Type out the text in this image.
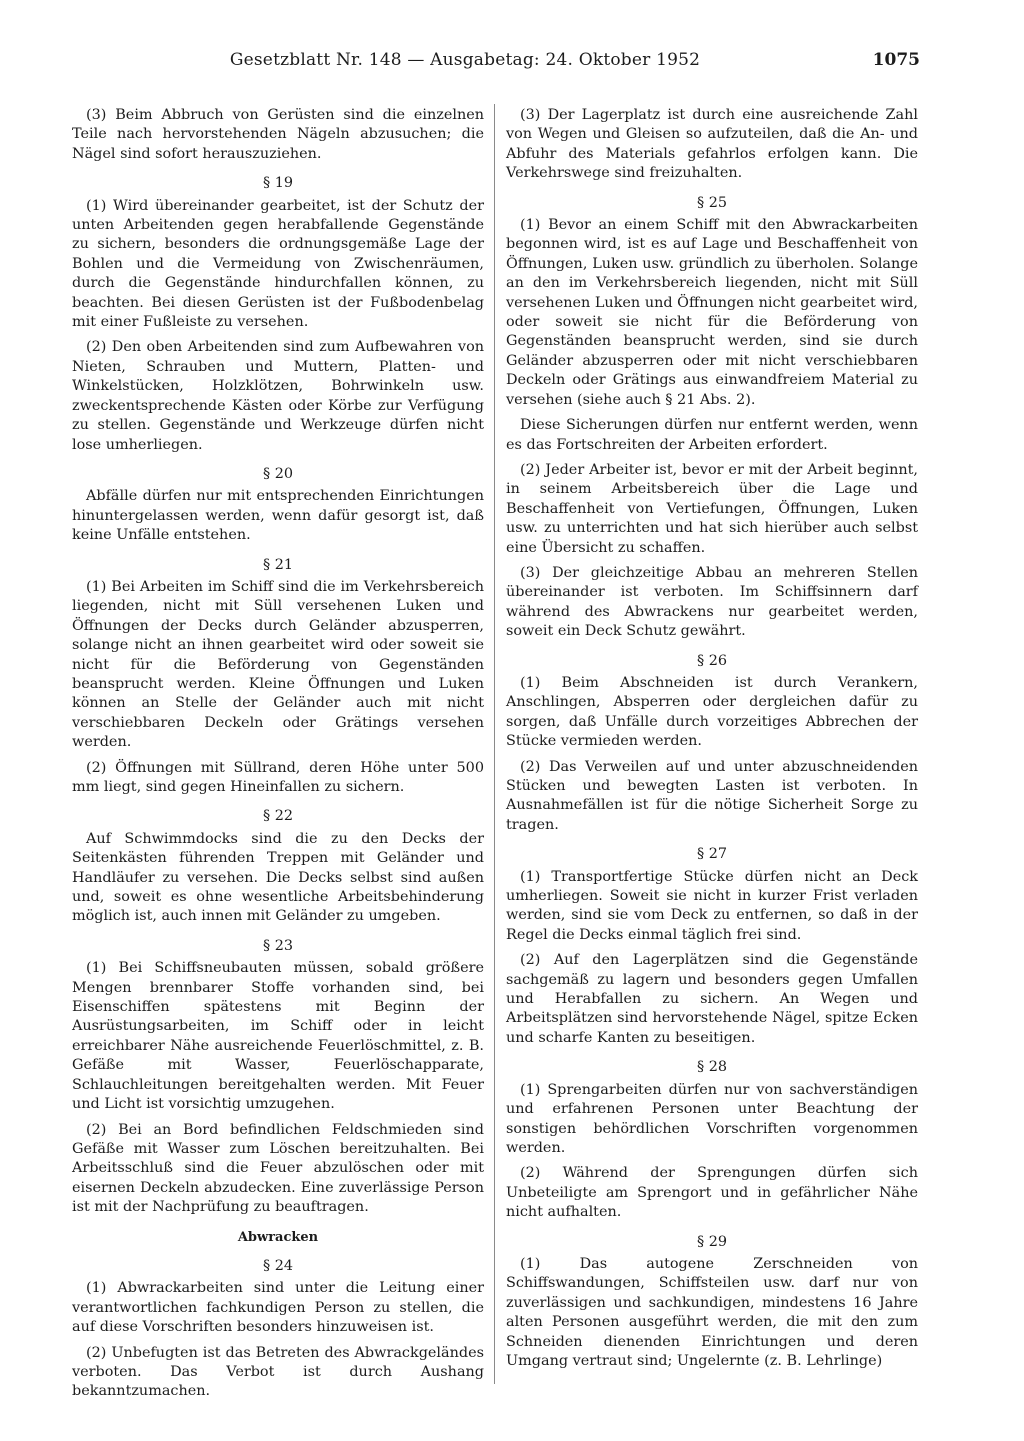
Gesetzblatt Nr. 148 — Ausgabetag: 24. Oktober 1952	1075

(3) Beim Abbruch von Gerüsten sind die einzelnen Teile nach hervorstehenden Nägeln abzusuchen; die Nägel sind sofort herauszuziehen.

§ 19

(1) Wird übereinander gearbeitet, ist der Schutz der unten Arbeitenden gegen herabfallende Gegenstände zu sichern, besonders die ordnungsgemäße Lage der Bohlen und die Vermeidung von Zwischenräumen, durch die Gegenstände hindurchfallen können, zu beachten. Bei diesen Gerüsten ist der Fußbodenbelag mit einer Fußleiste zu versehen.

(2) Den oben Arbeitenden sind zum Aufbewahren von Nieten, Schrauben und Muttern, Platten- und Winkelstücken, Holzklötzen, Bohrwinkeln usw. zweckentsprechende Kästen oder Körbe zur Verfügung zu stellen. Gegenstände und Werkzeuge dürfen nicht lose umherliegen.

§ 20

Abfälle dürfen nur mit entsprechenden Einrichtungen hinuntergelassen werden, wenn dafür gesorgt ist, daß keine Unfälle entstehen.

§ 21

(1) Bei Arbeiten im Schiff sind die im Verkehrsbereich liegenden, nicht mit Süll versehenen Luken und Öffnungen der Decks durch Geländer abzusperren, solange nicht an ihnen gearbeitet wird oder soweit sie nicht für die Beförderung von Gegenständen beansprucht werden. Kleine Öffnungen und Luken können an Stelle der Geländer auch mit nicht verschiebbaren Deckeln oder Grätings versehen werden.

(2) Öffnungen mit Süllrand, deren Höhe unter 500 mm liegt, sind gegen Hineinfallen zu sichern.

§ 22

Auf Schwimmdocks sind die zu den Decks der Seitenkästen führenden Treppen mit Geländer und Handläufer zu versehen. Die Decks selbst sind außen und, soweit es ohne wesentliche Arbeitsbehinderung möglich ist, auch innen mit Geländer zu umgeben.

§ 23

(1) Bei Schiffsneubauten müssen, sobald größere Mengen brennbarer Stoffe vorhanden sind, bei Eisenschiffen spätestens mit Beginn der Ausrüstungsarbeiten, im Schiff oder in leicht erreichbarer Nähe ausreichende Feuerlöschmittel, z. B. Gefäße mit Wasser, Feuerlöschapparate, Schlauchleitungen bereitgehalten werden. Mit Feuer und Licht ist vorsichtig umzugehen.

(2) Bei an Bord befindlichen Feldschmieden sind Gefäße mit Wasser zum Löschen bereitzuhalten. Bei Arbeitsschluß sind die Feuer abzulöschen oder mit eisernen Deckeln abzudecken. Eine zuverlässige Person ist mit der Nachprüfung zu beauftragen.

Abwracken

§ 24

(1) Abwrackarbeiten sind unter die Leitung einer verantwortlichen fachkundigen Person zu stellen, die auf diese Vorschriften besonders hinzuweisen ist.

(2) Unbefugten ist das Betreten des Abwrackgeländes verboten. Das Verbot ist durch Aushang bekanntzumachen.

(3) Der Lagerplatz ist durch eine ausreichende Zahl von Wegen und Gleisen so aufzuteilen, daß die An- und Abfuhr des Materials gefahrlos erfolgen kann. Die Verkehrswege sind freizuhalten.

§ 25

(1) Bevor an einem Schiff mit den Abwrackarbeiten begonnen wird, ist es auf Lage und Beschaffenheit von Öffnungen, Luken usw. gründlich zu überholen. Solange an den im Verkehrsbereich liegenden, nicht mit Süll versehenen Luken und Öffnungen nicht gearbeitet wird, oder soweit sie nicht für die Beförderung von Gegenständen beansprucht werden, sind sie durch Geländer abzusperren oder mit nicht verschiebbaren Deckeln oder Grätings aus einwandfreiem Material zu versehen (siehe auch § 21 Abs. 2).

Diese Sicherungen dürfen nur entfernt werden, wenn es das Fortschreiten der Arbeiten erfordert.

(2) Jeder Arbeiter ist, bevor er mit der Arbeit beginnt, in seinem Arbeitsbereich über die Lage und Beschaffenheit von Vertiefungen, Öffnungen, Luken usw. zu unterrichten und hat sich hierüber auch selbst eine Übersicht zu schaffen.

(3) Der gleichzeitige Abbau an mehreren Stellen übereinander ist verboten. Im Schiffsinnern darf während des Abwrackens nur gearbeitet werden, soweit ein Deck Schutz gewährt.

§ 26

(1) Beim Abschneiden ist durch Verankern, Anschlingen, Absperren oder dergleichen dafür zu sorgen, daß Unfälle durch vorzeitiges Abbrechen der Stücke vermieden werden.

(2) Das Verweilen auf und unter abzuschneidenden Stücken und bewegten Lasten ist verboten. In Ausnahmefällen ist für die nötige Sicherheit Sorge zu tragen.

§ 27

(1) Transportfertige Stücke dürfen nicht an Deck umherliegen. Soweit sie nicht in kurzer Frist verladen werden, sind sie vom Deck zu entfernen, so daß in der Regel die Decks einmal täglich frei sind.

(2) Auf den Lagerplätzen sind die Gegenstände sachgemäß zu lagern und besonders gegen Umfallen und Herabfallen zu sichern. An Wegen und Arbeitsplätzen sind hervorstehende Nägel, spitze Ecken und scharfe Kanten zu beseitigen.

§ 28

(1) Sprengarbeiten dürfen nur von sachverständigen und erfahrenen Personen unter Beachtung der sonstigen behördlichen Vorschriften vorgenommen werden.

(2) Während der Sprengungen dürfen sich Unbeteiligte am Sprengort und in gefährlicher Nähe nicht aufhalten.

§ 29

(1) Das autogene Zerschneiden von Schiffswandungen, Schiffsteilen usw. darf nur von zuverlässigen und sachkundigen, mindestens 16 Jahre alten Personen ausgeführt werden, die mit den zum Schneiden dienenden Einrichtungen und deren Umgang vertraut sind; Ungelernte (z. B. Lehrlinge)
